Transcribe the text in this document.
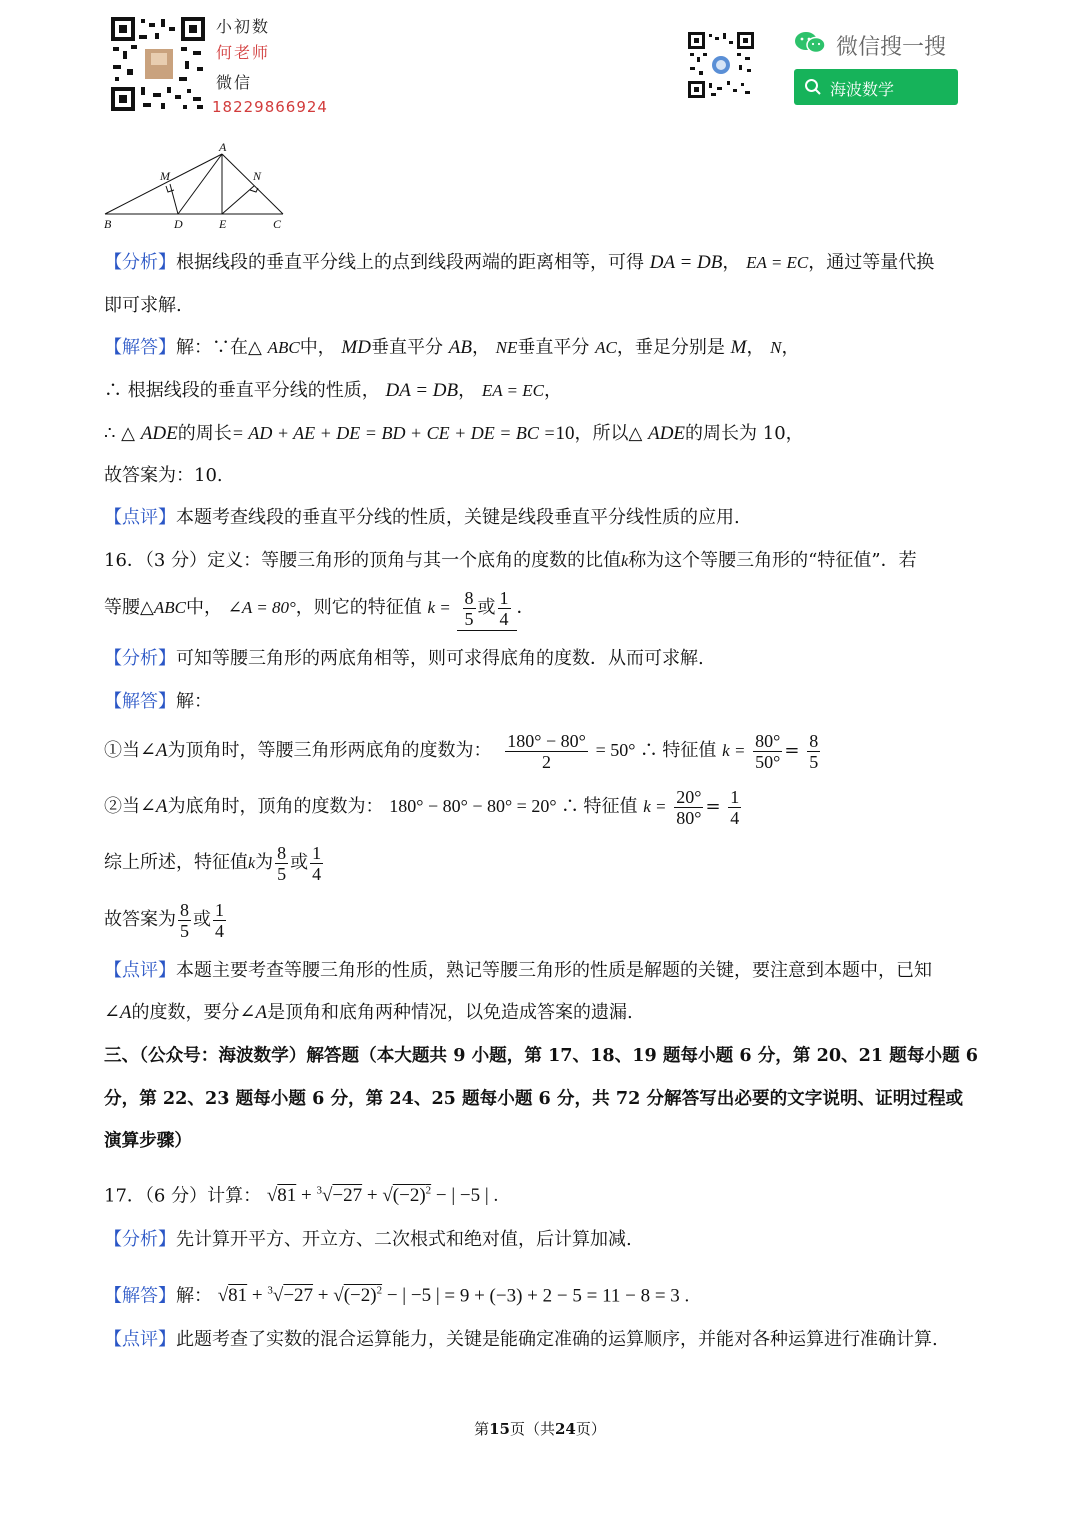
小初数
何老师
微信
18229866924
微信搜一搜
海波数学
A
M	N
B	D	E	C
【分析】根据线段的垂直平分线上的点到线段两端的距离相等，可得 DA = DB， EA = EC，通过等量代换
即可求解.
【解答】解：∵在△ ABC中， MD垂直平分 AB， NE垂直平分 AC，垂足分别是 M， N，
∴ 根据线段的垂直平分线的性质， DA = DB， EA = EC，
∴ △ ADE的周长= AD + AE + DE = BD + CE + DE = BC =10，所以△ ADE的周长为 10，
故答案为：10.
【点评】本题考查线段的垂直平分线的性质，关键是线段垂直平分线性质的应用.
16．（3 分）定义：等腰三角形的顶角与其一个底角的度数的比值k称为这个等腰三角形的“特征值”．若
等腰△ABC中， ∠A = 80°，则它的特征值 $k = \frac{8}{5}$ 或 $\frac{1}{4}$ ．
【分析】可知等腰三角形的两底角相等，则可求得底角的度数．从而可求解.
【解答】解：
①当∠A为顶角时，等腰三角形两底角的度数为： $\frac{180^\circ - 80^\circ}{2} = 50^\circ$ ∴ 特征值 $k = \frac{80^\circ}{50^\circ} = \frac{8}{5}$
②当∠A为底角时，顶角的度数为： 180° − 80° − 80° = 20° ∴ 特征值 $k = \frac{20^\circ}{80^\circ} = \frac{1}{4}$
综上所述，特征值k为 $\frac{8}{5}$ 或 $\frac{1}{4}$
故答案为 $\frac{8}{5}$ 或 $\frac{1}{4}$
【点评】本题主要考查等腰三角形的性质，熟记等腰三角形的性质是解题的关键，要注意到本题中，已知
∠A的度数，要分∠A是顶角和底角两种情况，以免造成答案的遗漏.
三、（公众号：海波数学）解答题（本大题共 9 小题，第 17、18、19 题每小题 6 分，第 20、21 题每小题 6
分，第 22、23 题每小题 6 分，第 24、25 题每小题 6 分，共 72 分解答写出必要的文字说明、证明过程或
演算步骤）
17．（6 分）计算： $√81 + ^3√-27 + √(-2)^2$ − | −5 | .
【分析】先计算开平方、开立方、二次根式和绝对值，后计算加减.
【解答】解： $√81 + ^3√-27 + √(-2)^2$ − | −5 | = 9 + (−3) + 2 − 5 = 11 − 8 = 3 .
【点评】此题考查了实数的混合运算能力，关键是能确定准确的运算顺序，并能对各种运算进行准确计算.
第15页（共24页）
